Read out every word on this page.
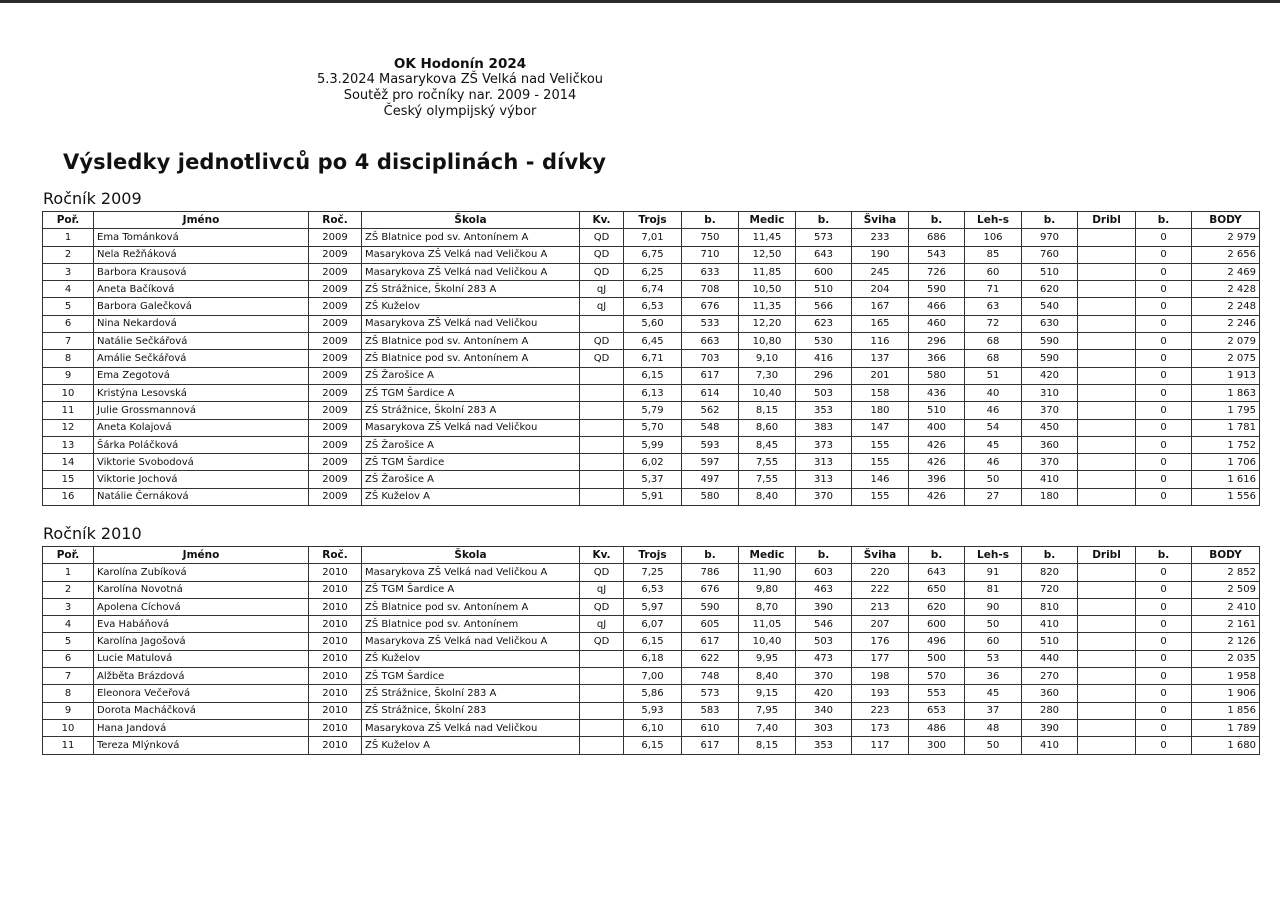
OK Hodonín 2024
5.3.2024 Masarykova ZŠ Velká nad Veličkou
Soutěž pro ročníky nar. 2009 - 2014
Český olympijský výbor
Výsledky jednotlivců po 4 disciplinách - dívky
Ročník 2009
Poř.	Jméno	Roč.	Škola	Kv.	Trojs	b.	Medic	b.	Šviha	b.	Leh-s	b.	Dribl	b.	BODY
1	Ema Tománková	2009	ZŠ Blatnice pod sv. Antonínem A	QD	7,01	750	11,45	573	233	686	106	970		0	2 979
2	Nela Režňáková	2009	Masarykova ZŠ Velká nad Veličkou A	QD	6,75	710	12,50	643	190	543	85	760		0	2 656
3	Barbora Krausová	2009	Masarykova ZŠ Velká nad Veličkou A	QD	6,25	633	11,85	600	245	726	60	510		0	2 469
4	Aneta Bačíková	2009	ZŠ Strážnice, Školní 283 A	qJ	6,74	708	10,50	510	204	590	71	620		0	2 428
5	Barbora Galečková	2009	ZŠ Kuželov	qJ	6,53	676	11,35	566	167	466	63	540		0	2 248
6	Nina Nekardová	2009	Masarykova ZŠ Velká nad Veličkou		5,60	533	12,20	623	165	460	72	630		0	2 246
7	Natálie Sečkářová	2009	ZŠ Blatnice pod sv. Antonínem A	QD	6,45	663	10,80	530	116	296	68	590		0	2 079
8	Amálie Sečkářová	2009	ZŠ Blatnice pod sv. Antonínem A	QD	6,71	703	9,10	416	137	366	68	590		0	2 075
9	Ema Zegotová	2009	ZŠ Žarošice A		6,15	617	7,30	296	201	580	51	420		0	1 913
10	Kristýna Lesovská	2009	ZŠ TGM Šardice A		6,13	614	10,40	503	158	436	40	310		0	1 863
11	Julie Grossmannová	2009	ZŠ Strážnice, Školní 283 A		5,79	562	8,15	353	180	510	46	370		0	1 795
12	Aneta Kolajová	2009	Masarykova ZŠ Velká nad Veličkou		5,70	548	8,60	383	147	400	54	450		0	1 781
13	Šárka Poláčková	2009	ZŠ Žarošice A		5,99	593	8,45	373	155	426	45	360		0	1 752
14	Viktorie Svobodová	2009	ZŠ TGM Šardice		6,02	597	7,55	313	155	426	46	370		0	1 706
15	Viktorie Jochová	2009	ZŠ Žarošice A		5,37	497	7,55	313	146	396	50	410		0	1 616
16	Natálie Černáková	2009	ZŠ Kuželov A		5,91	580	8,40	370	155	426	27	180		0	1 556
Ročník 2010
Poř.	Jméno	Roč.	Škola	Kv.	Trojs	b.	Medic	b.	Šviha	b.	Leh-s	b.	Dribl	b.	BODY
1	Karolína Zubíková	2010	Masarykova ZŠ Velká nad Veličkou A	QD	7,25	786	11,90	603	220	643	91	820		0	2 852
2	Karolína Novotná	2010	ZŠ TGM Šardice A	qJ	6,53	676	9,80	463	222	650	81	720		0	2 509
3	Apolena Cíchová	2010	ZŠ Blatnice pod sv. Antonínem A	QD	5,97	590	8,70	390	213	620	90	810		0	2 410
4	Eva Habáňová	2010	ZŠ Blatnice pod sv. Antonínem	qJ	6,07	605	11,05	546	207	600	50	410		0	2 161
5	Karolína Jagošová	2010	Masarykova ZŠ Velká nad Veličkou A	QD	6,15	617	10,40	503	176	496	60	510		0	2 126
6	Lucie Matulová	2010	ZŠ Kuželov		6,18	622	9,95	473	177	500	53	440		0	2 035
7	Alžběta Brázdová	2010	ZŠ TGM Šardice		7,00	748	8,40	370	198	570	36	270		0	1 958
8	Eleonora Večeřová	2010	ZŠ Strážnice, Školní 283 A		5,86	573	9,15	420	193	553	45	360		0	1 906
9	Dorota Macháčková	2010	ZŠ Strážnice, Školní 283		5,93	583	7,95	340	223	653	37	280		0	1 856
10	Hana Jandová	2010	Masarykova ZŠ Velká nad Veličkou		6,10	610	7,40	303	173	486	48	390		0	1 789
11	Tereza Mlýnková	2010	ZŠ Kuželov A		6,15	617	8,15	353	117	300	50	410		0	1 680
